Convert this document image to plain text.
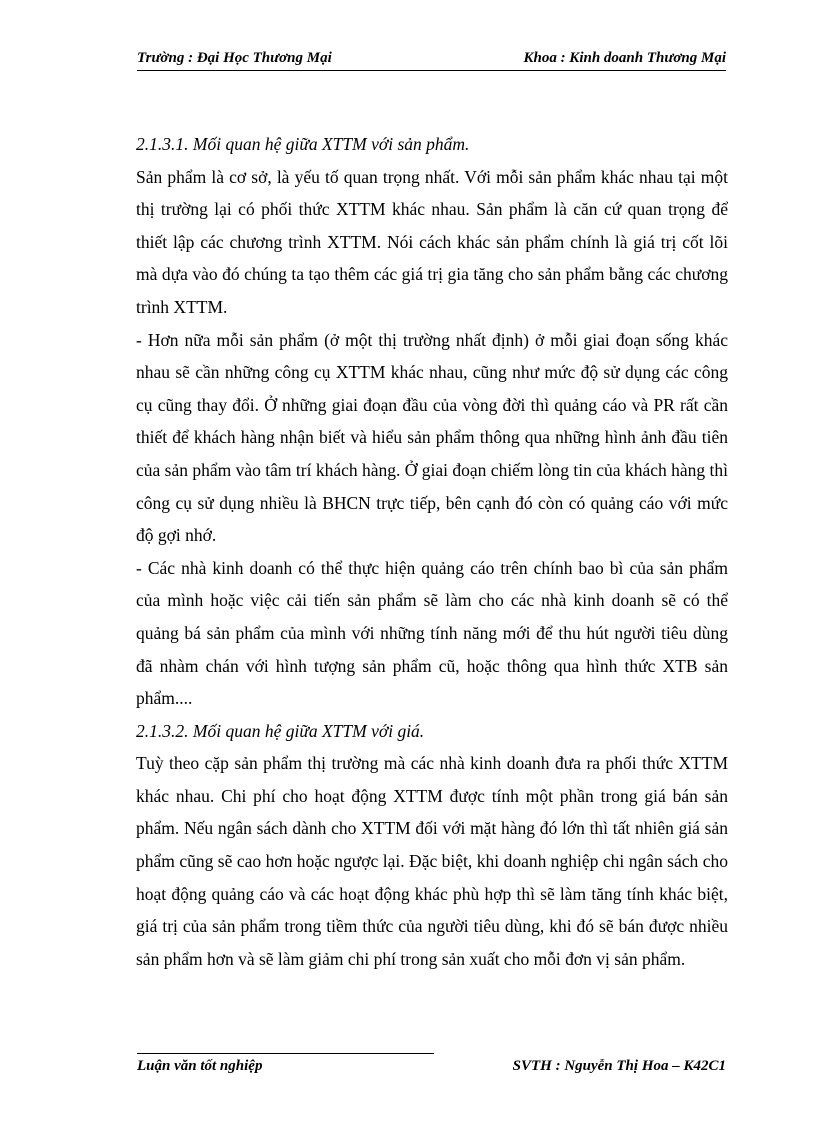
Trường : Đại Học Thương Mại	Khoa : Kinh doanh Thương Mại

2.1.3.1. Mối quan hệ giữa XTTM với sản phẩm.

Sản phẩm là cơ sở, là yếu tố quan trọng nhất. Với mỗi sản phẩm khác nhau tại một thị trường lại có phối thức XTTM khác nhau. Sản phẩm là căn cứ quan trọng để thiết lập các chương trình XTTM. Nói cách khác sản phẩm chính là giá trị cốt lõi mà dựa vào đó chúng ta tạo thêm các giá trị gia tăng cho sản phẩm bằng các chương trình XTTM.

- Hơn nữa mỗi sản phẩm (ở một thị trường nhất định) ở mỗi giai đoạn sống khác nhau sẽ cần những công cụ XTTM khác nhau, cũng như mức độ sử dụng các công cụ cũng thay đổi. Ở những giai đoạn đầu của vòng đời thì quảng cáo và PR rất cần thiết để khách hàng nhận biết và hiểu sản phẩm thông qua những hình ảnh đầu tiên của sản phẩm vào tâm trí khách hàng. Ở giai đoạn chiếm lòng tin của khách hàng thì công cụ sử dụng nhiều là BHCN trực tiếp, bên cạnh đó còn có quảng cáo với mức độ gợi nhớ.

- Các nhà kinh doanh có thể thực hiện quảng cáo trên chính bao bì của sản phẩm của mình hoặc việc cải tiến sản phẩm sẽ làm cho các nhà kinh doanh sẽ có thể quảng bá sản phẩm của mình với những tính năng mới để thu hút người tiêu dùng đã nhàm chán với hình tượng sản phẩm cũ, hoặc thông qua hình thức XTB sản phẩm....

2.1.3.2. Mối quan hệ giữa XTTM với giá.

Tuỳ theo cặp sản phẩm thị trường mà các nhà kinh doanh đưa ra phối thức XTTM khác nhau. Chi phí cho hoạt động XTTM được tính một phần trong giá bán sản phẩm. Nếu ngân sách dành cho XTTM đối với mặt hàng đó lớn thì tất nhiên giá sản phẩm cũng sẽ cao hơn hoặc ngược lại. Đặc biệt, khi doanh nghiệp chi ngân sách cho hoạt động quảng cáo và các hoạt động khác phù hợp thì sẽ làm tăng tính khác biệt, giá trị của sản phẩm trong tiềm thức của người tiêu dùng, khi đó sẽ bán được nhiều sản phẩm hơn và sẽ làm giảm chi phí trong sản xuất cho mỗi đơn vị sản phẩm.

Luận văn tốt nghiệp	SVTH : Nguyễn Thị Hoa – K42C1
